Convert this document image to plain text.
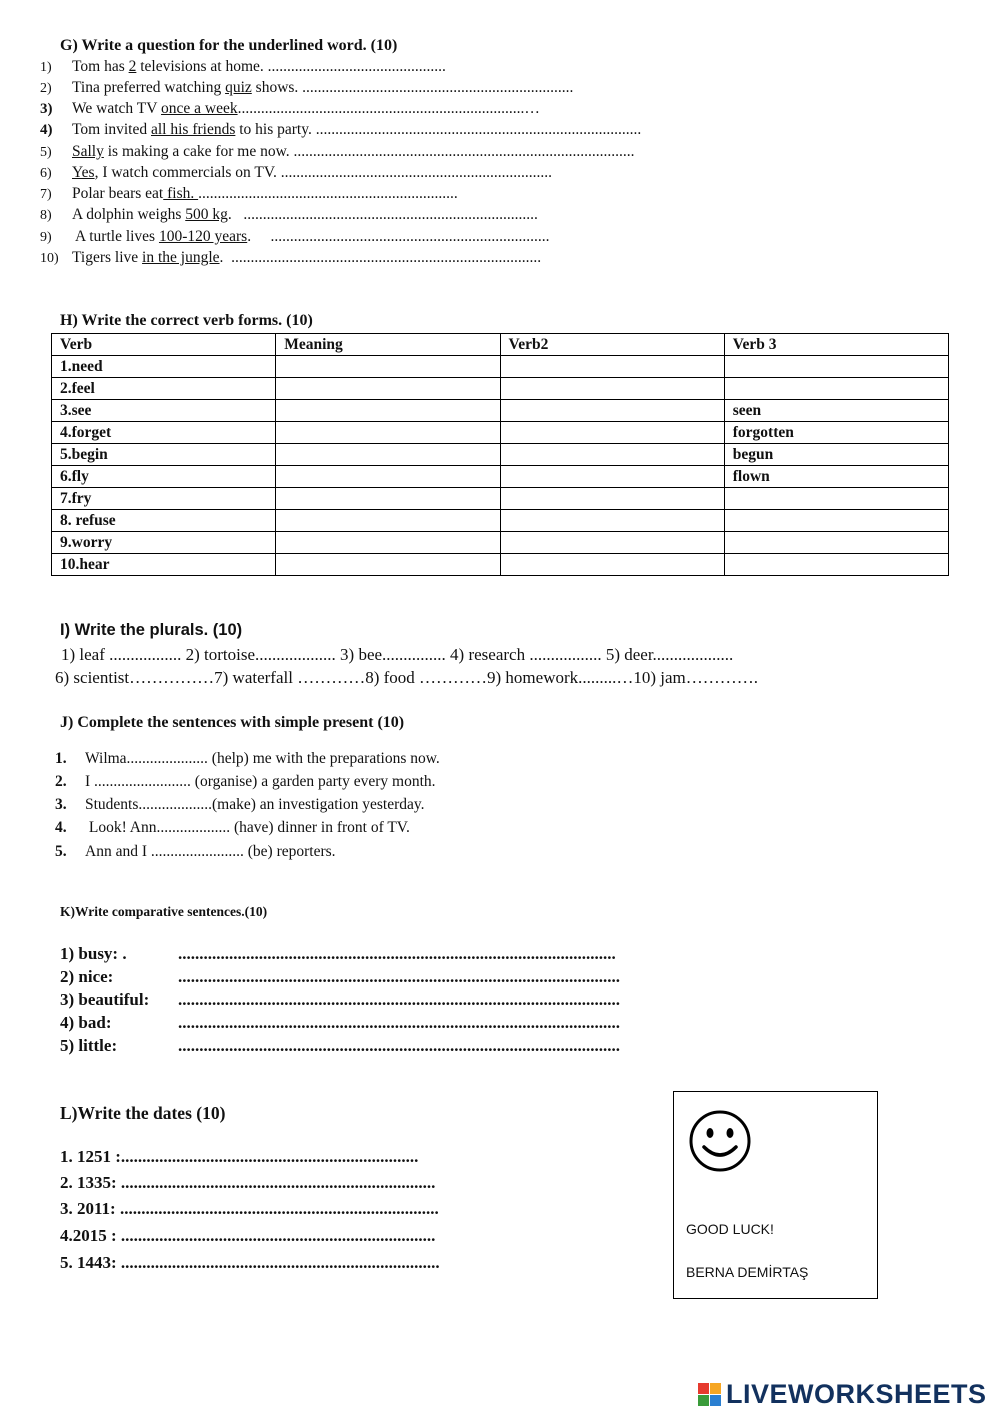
G) Write a question for the underlined word. (10)
1) Tom has 2 televisions at home. ..............................................
2) Tina preferred watching quiz shows. ......................................................................
3) We watch TV once a week..........................................................................…
4) Tom invited all his friends to his party. ....................................................................................
5) Sally is making a cake for me now. ........................................................................................
6) Yes, I watch commercials on TV. ......................................................................
7) Polar bears eat fish. ...................................................................
8) A dolphin weighs 500 kg.   ............................................................................
9) A turtle lives 100-120 years.     ........................................................................
10) Tigers live in the jungle.  ................................................................................
H) Write the correct verb forms. (10)
Verb	Meaning	Verb2	Verb 3
1.need			
2.feel			
3.see			seen
4.forget			forgotten
5.begin			begun
6.fly			flown
7.fry			
8. refuse			
9.worry			
10.hear			
I) Write the plurals. (10)
1) leaf ................. 2) tortoise................... 3) bee............... 4) research ................. 5) deer...................
6) scientist……………7) waterfall …………8) food …………9) homework.........…10) jam………….
J) Complete the sentences with simple present (10)
1. Wilma..................... (help) me with the preparations now.
2. I ......................... (organise) a garden party every month.
3. Students...................(make) an investigation yesterday.
4. Look! Ann................... (have) dinner in front of TV.
5. Ann and I ........................ (be) reporters.
K)Write comparative sentences.(10)
1) busy: .	.......................................................................................................
2) nice:	........................................................................................................
3) beautiful: ........................................................................................................
4) bad:	........................................................................................................
5) little:	........................................................................................................
L)Write the dates (10)
1. 1251 :......................................................................
2. 1335: ..........................................................................
3. 2011: ...........................................................................
4.2015 : ..........................................................................
5. 1443: ...........................................................................
GOOD LUCK!
BERNA DEMİRTAŞ
LIVEWORKSHEETS
